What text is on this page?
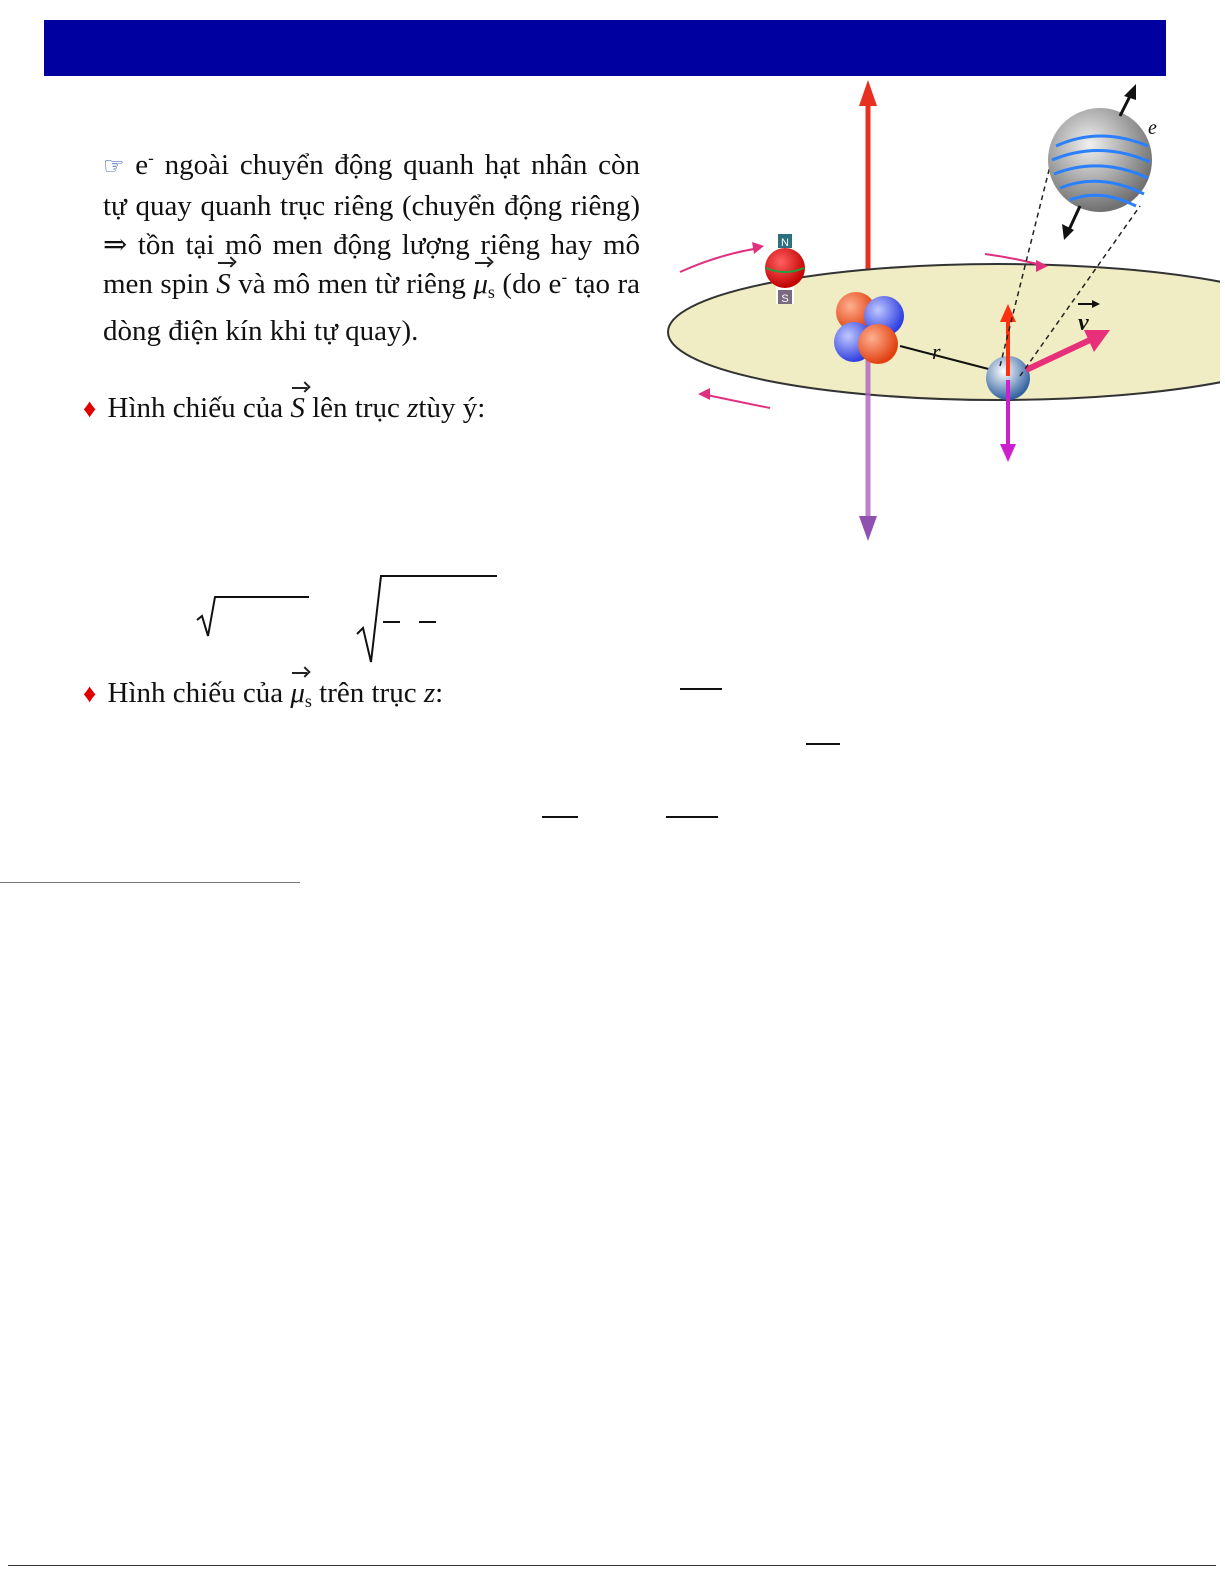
☞ e- ngoài chuyển động quanh hạt nhân còn tự quay quanh trục riêng (chuyển động riêng) ⇒ tồn tại mô men động lượng riêng hay mô men spin S và mô men từ riêng $\mu_s$ (do e- tạo ra dòng điện kín khi tự quay).
♦ Hình chiếu của S lên trục ztùy ý:
♦ Hình chiếu của $\mu_s$ trên trục z:
r
v
e
N
S
